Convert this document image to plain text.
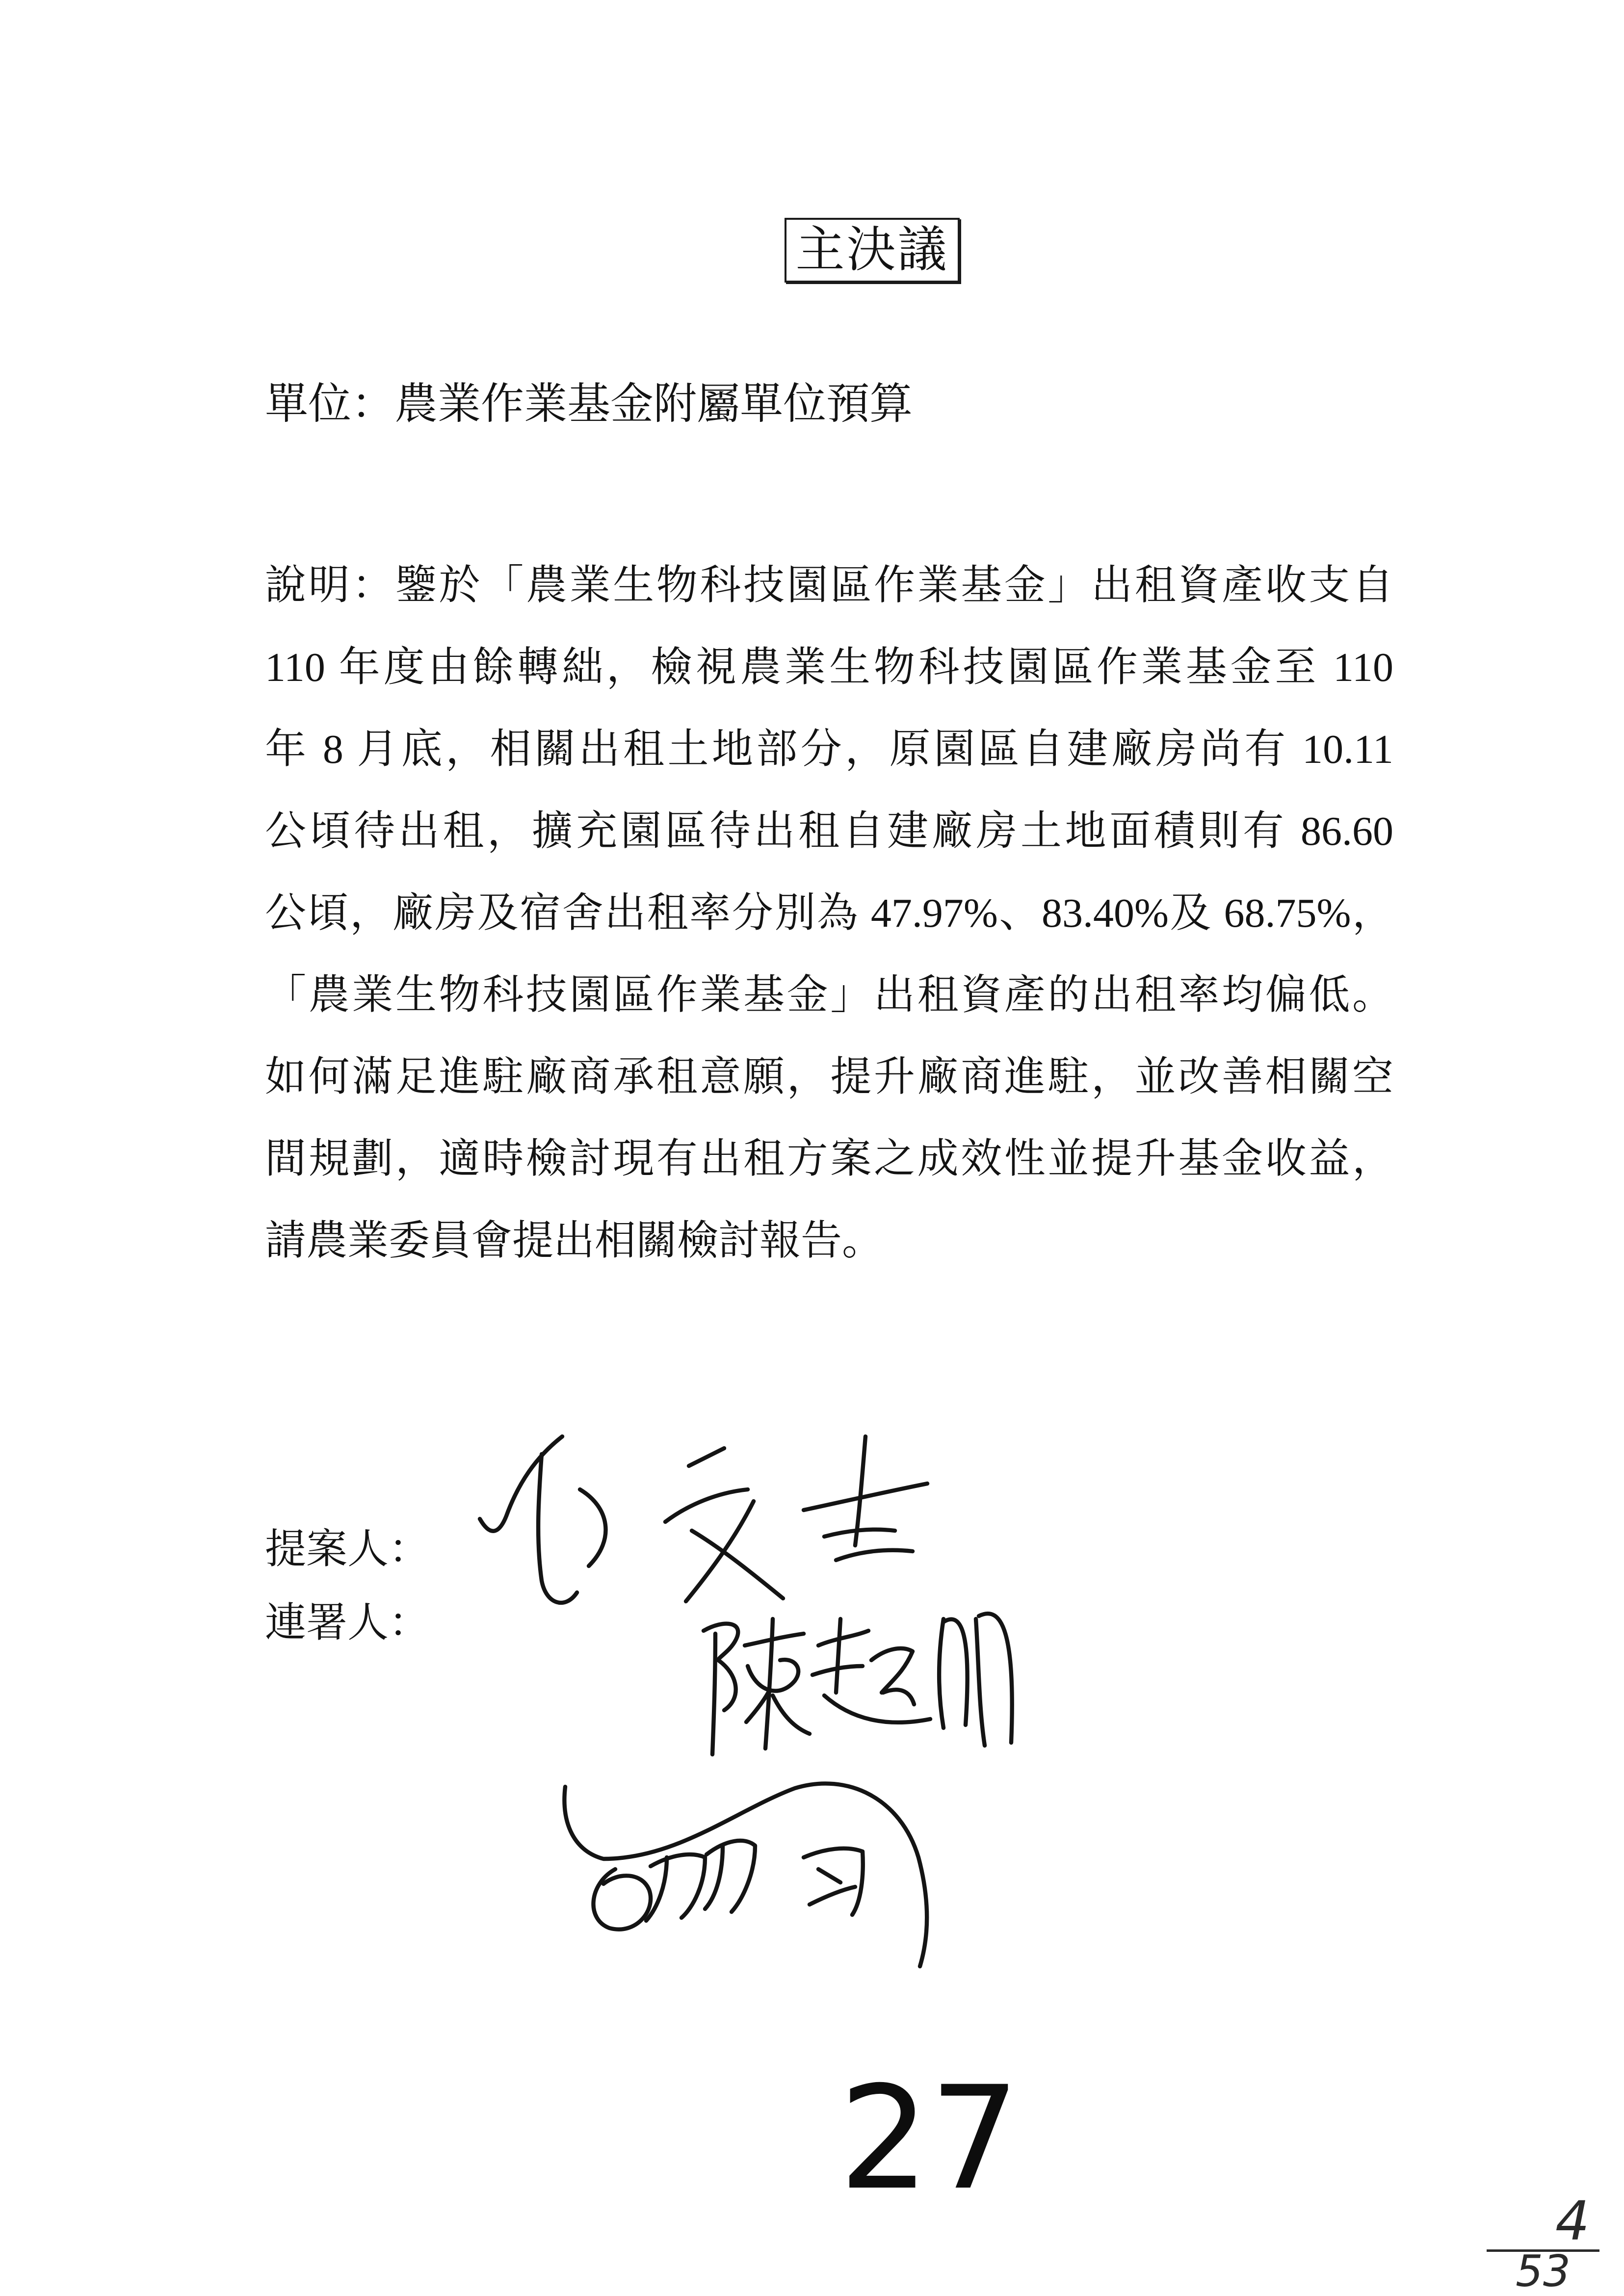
主決議
單位：農業作業基金附屬單位預算
說明：鑒於「農業生物科技園區作業基金」出租資產收支自
110 年度由餘轉絀，檢視農業生物科技園區作業基金至 110
年 8 月底，相關出租土地部分，原園區自建廠房尚有 10.11
公頃待出租，擴充園區待出租自建廠房土地面積則有 86.60
公頃，廠房及宿舍出租率分別為 47.97%、83.40%及 68.75%，
「農業生物科技園區作業基金」出租資產的出租率均偏低。
如何滿足進駐廠商承租意願，提升廠商進駐，並改善相關空
間規劃，適時檢討現有出租方案之成效性並提升基金收益，
請農業委員會提出相關檢討報告。
提案人：
連署人：
27	4
53
